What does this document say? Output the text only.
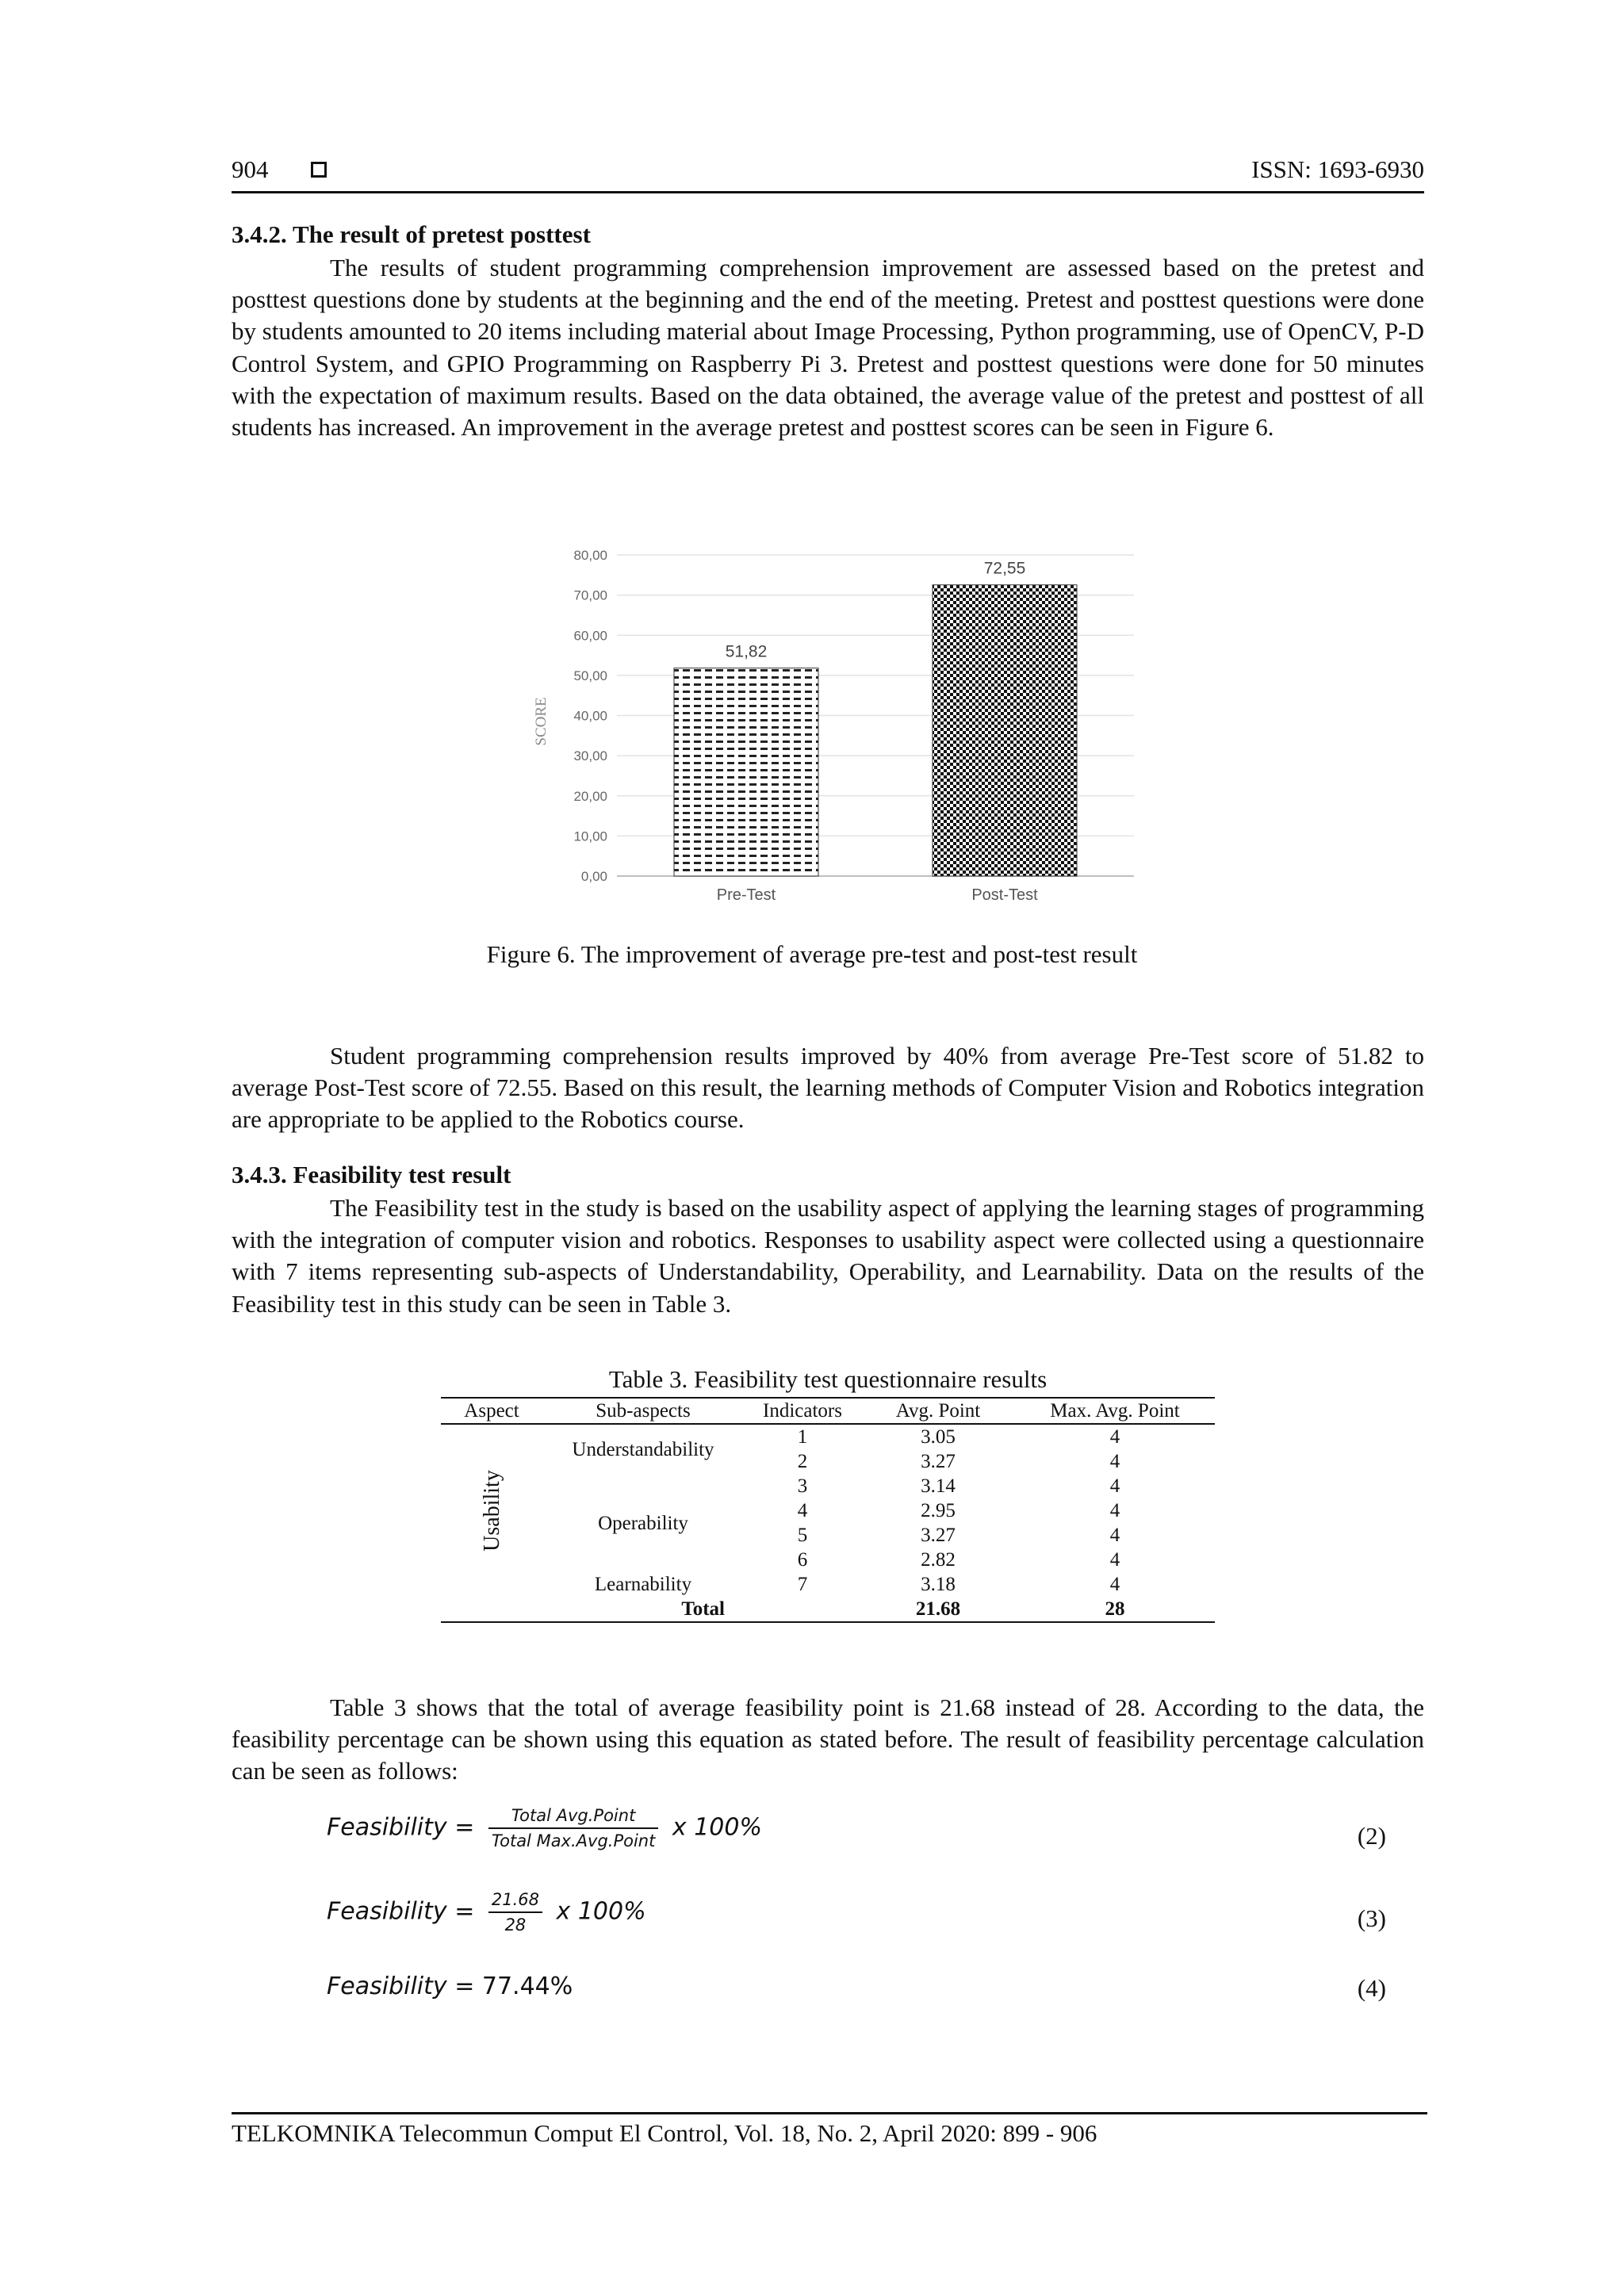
904	ISSN: 1693-6930
3.4.2. The result of pretest posttest
The results of student programming comprehension improvement are assessed based on the pretest and posttest questions done by students at the beginning and the end of the meeting. Pretest and posttest questions were done by students amounted to 20 items including material about Image Processing, Python programming, use of OpenCV, P-D Control System, and GPIO Programming on Raspberry Pi 3. Pretest and posttest questions were done for 50 minutes with the expectation of maximum results. Based on the data obtained, the average value of the pretest and posttest of all students has increased. An improvement in the average pretest and posttest scores can be seen in Figure 6.
0,00
10,00
20,00
30,00
40,00
50,00
60,00
70,00
80,00
51,82
72,55
Pre-Test	Post-Test
SCORE
Figure 6. The improvement of average pre-test and post-test result
Student programming comprehension results improved by 40% from average Pre-Test score of 51.82 to average Post-Test score of 72.55. Based on this result, the learning methods of Computer Vision and Robotics integration are appropriate to be applied to the Robotics course.
3.4.3. Feasibility test result
The Feasibility test in the study is based on the usability aspect of applying the learning stages of programming with the integration of computer vision and robotics. Responses to usability aspect were collected using a questionnaire with 7 items representing sub-aspects of Understandability, Operability, and Learnability. Data on the results of the Feasibility test in this study can be seen in Table 3.
Table 3. Feasibility test questionnaire results
Aspect	Sub-aspects	Indicators	Avg. Point	Max. Avg. Point
Usability	Understandability	1	3.05	4
		2	3.27	4
	Operability	3	3.14	4
		4	2.95	4
		5	3.27	4
		6	2.82	4
	Learnability	7	3.18	4
	Total		21.68	28
Table 3 shows that the total of average feasibility point is 21.68 instead of 28. According to the data, the feasibility percentage can be shown using this equation as stated before. The result of feasibility percentage calculation can be seen as follows:
Feasibility = $\frac{\text{Total Avg.Point}}{\text{Total Max.Avg.Point}}$ x 100%	(2)
Feasibility = $\frac{21.68}{28}$ x 100%	(3)
Feasibility = 77.44%	(4)
TELKOMNIKA Telecommun Comput El Control, Vol. 18, No. 2, April 2020: 899 - 906
